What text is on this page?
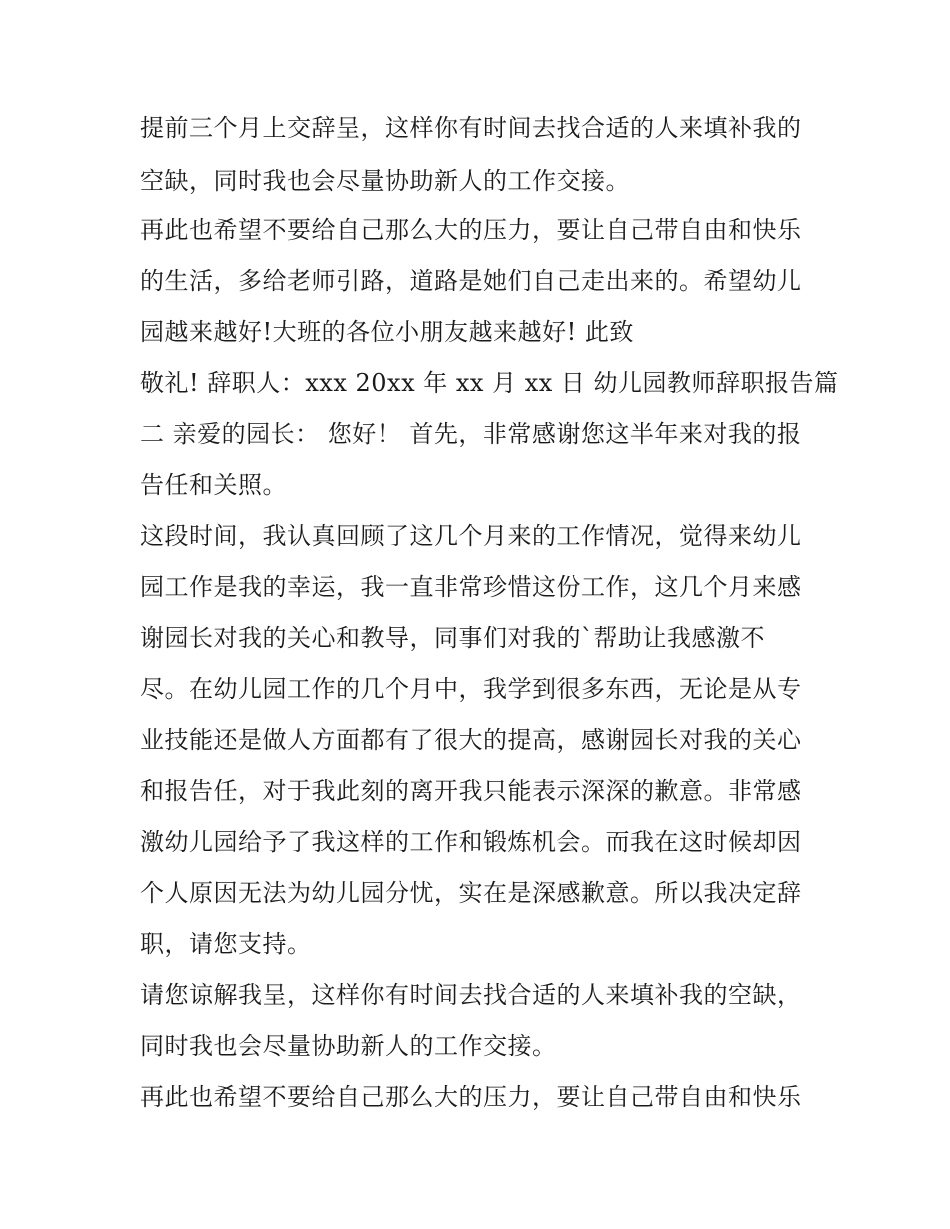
提前三个月上交辞呈，这样你有时间去找合适的人来填补我的
空缺，同时我也会尽量协助新人的工作交接。
再此也希望不要给自己那么大的压力，要让自己带自由和快乐
的生活，多给老师引路，道路是她们自己走出来的。希望幼儿
园越来越好!大班的各位小朋友越来越好! 此致
敬礼! 辞职人：xxx 20xx 年 xx 月 xx 日 幼儿园教师辞职报告篇
二 亲爱的园长： 您好！ 首先，非常感谢您这半年来对我的报
告任和关照。
这段时间，我认真回顾了这几个月来的工作情况，觉得来幼儿
园工作是我的幸运，我一直非常珍惜这份工作，这几个月来感
谢园长对我的关心和教导，同事们对我的`帮助让我感激不
尽。在幼儿园工作的几个月中，我学到很多东西，无论是从专
业技能还是做人方面都有了很大的提高，感谢园长对我的关心
和报告任，对于我此刻的离开我只能表示深深的歉意。非常感
激幼儿园给予了我这样的工作和锻炼机会。而我在这时候却因
个人原因无法为幼儿园分忧，实在是深感歉意。所以我决定辞
职，请您支持。
请您谅解我呈，这样你有时间去找合适的人来填补我的空缺，
同时我也会尽量协助新人的工作交接。
再此也希望不要给自己那么大的压力，要让自己带自由和快乐
